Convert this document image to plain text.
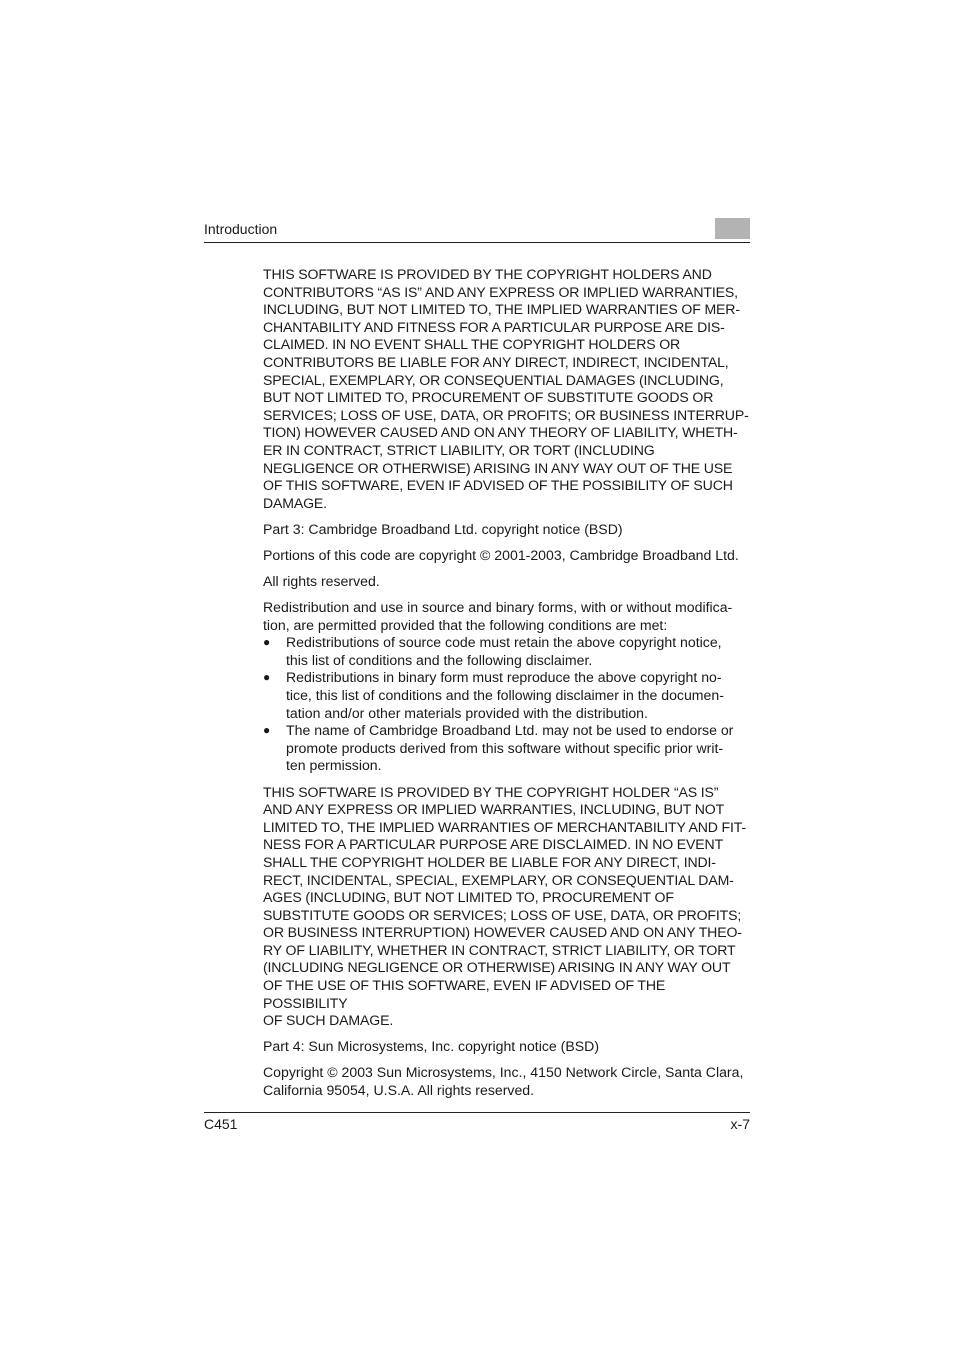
Introduction

THIS SOFTWARE IS PROVIDED BY THE COPYRIGHT HOLDERS AND
CONTRIBUTORS “AS IS” AND ANY EXPRESS OR IMPLIED WARRANTIES,
INCLUDING, BUT NOT LIMITED TO, THE IMPLIED WARRANTIES OF MER-
CHANTABILITY AND FITNESS FOR A PARTICULAR PURPOSE ARE DIS-
CLAIMED. IN NO EVENT SHALL THE COPYRIGHT HOLDERS OR
CONTRIBUTORS BE LIABLE FOR ANY DIRECT, INDIRECT, INCIDENTAL,
SPECIAL, EXEMPLARY, OR CONSEQUENTIAL DAMAGES (INCLUDING,
BUT NOT LIMITED TO, PROCUREMENT OF SUBSTITUTE GOODS OR
SERVICES; LOSS OF USE, DATA, OR PROFITS; OR BUSINESS INTERRUP-
TION) HOWEVER CAUSED AND ON ANY THEORY OF LIABILITY, WHETH-
ER IN CONTRACT, STRICT LIABILITY, OR TORT (INCLUDING
NEGLIGENCE OR OTHERWISE) ARISING IN ANY WAY OUT OF THE USE
OF THIS SOFTWARE, EVEN IF ADVISED OF THE POSSIBILITY OF SUCH
DAMAGE.

Part 3: Cambridge Broadband Ltd. copyright notice (BSD)

Portions of this code are copyright © 2001-2003, Cambridge Broadband Ltd.

All rights reserved.

Redistribution and use in source and binary forms, with or without modifica-
tion, are permitted provided that the following conditions are met:

● Redistributions of source code must retain the above copyright notice,
this list of conditions and the following disclaimer.
● Redistributions in binary form must reproduce the above copyright no-
tice, this list of conditions and the following disclaimer in the documen-
tation and/or other materials provided with the distribution.
● The name of Cambridge Broadband Ltd. may not be used to endorse or
promote products derived from this software without specific prior writ-
ten permission.

THIS SOFTWARE IS PROVIDED BY THE COPYRIGHT HOLDER “AS IS”
AND ANY EXPRESS OR IMPLIED WARRANTIES, INCLUDING, BUT NOT
LIMITED TO, THE IMPLIED WARRANTIES OF MERCHANTABILITY AND FIT-
NESS FOR A PARTICULAR PURPOSE ARE DISCLAIMED. IN NO EVENT
SHALL THE COPYRIGHT HOLDER BE LIABLE FOR ANY DIRECT, INDI-
RECT, INCIDENTAL, SPECIAL, EXEMPLARY, OR CONSEQUENTIAL DAM-
AGES (INCLUDING, BUT NOT LIMITED TO, PROCUREMENT OF
SUBSTITUTE GOODS OR SERVICES; LOSS OF USE, DATA, OR PROFITS;
OR BUSINESS INTERRUPTION) HOWEVER CAUSED AND ON ANY THEO-
RY OF LIABILITY, WHETHER IN CONTRACT, STRICT LIABILITY, OR TORT
(INCLUDING NEGLIGENCE OR OTHERWISE) ARISING IN ANY WAY OUT
OF THE USE OF THIS SOFTWARE, EVEN IF ADVISED OF THE POSSIBILITY
OF SUCH DAMAGE.

Part 4: Sun Microsystems, Inc. copyright notice (BSD)

Copyright © 2003 Sun Microsystems, Inc., 4150 Network Circle, Santa Clara,
California 95054, U.S.A. All rights reserved.

C451	x-7
